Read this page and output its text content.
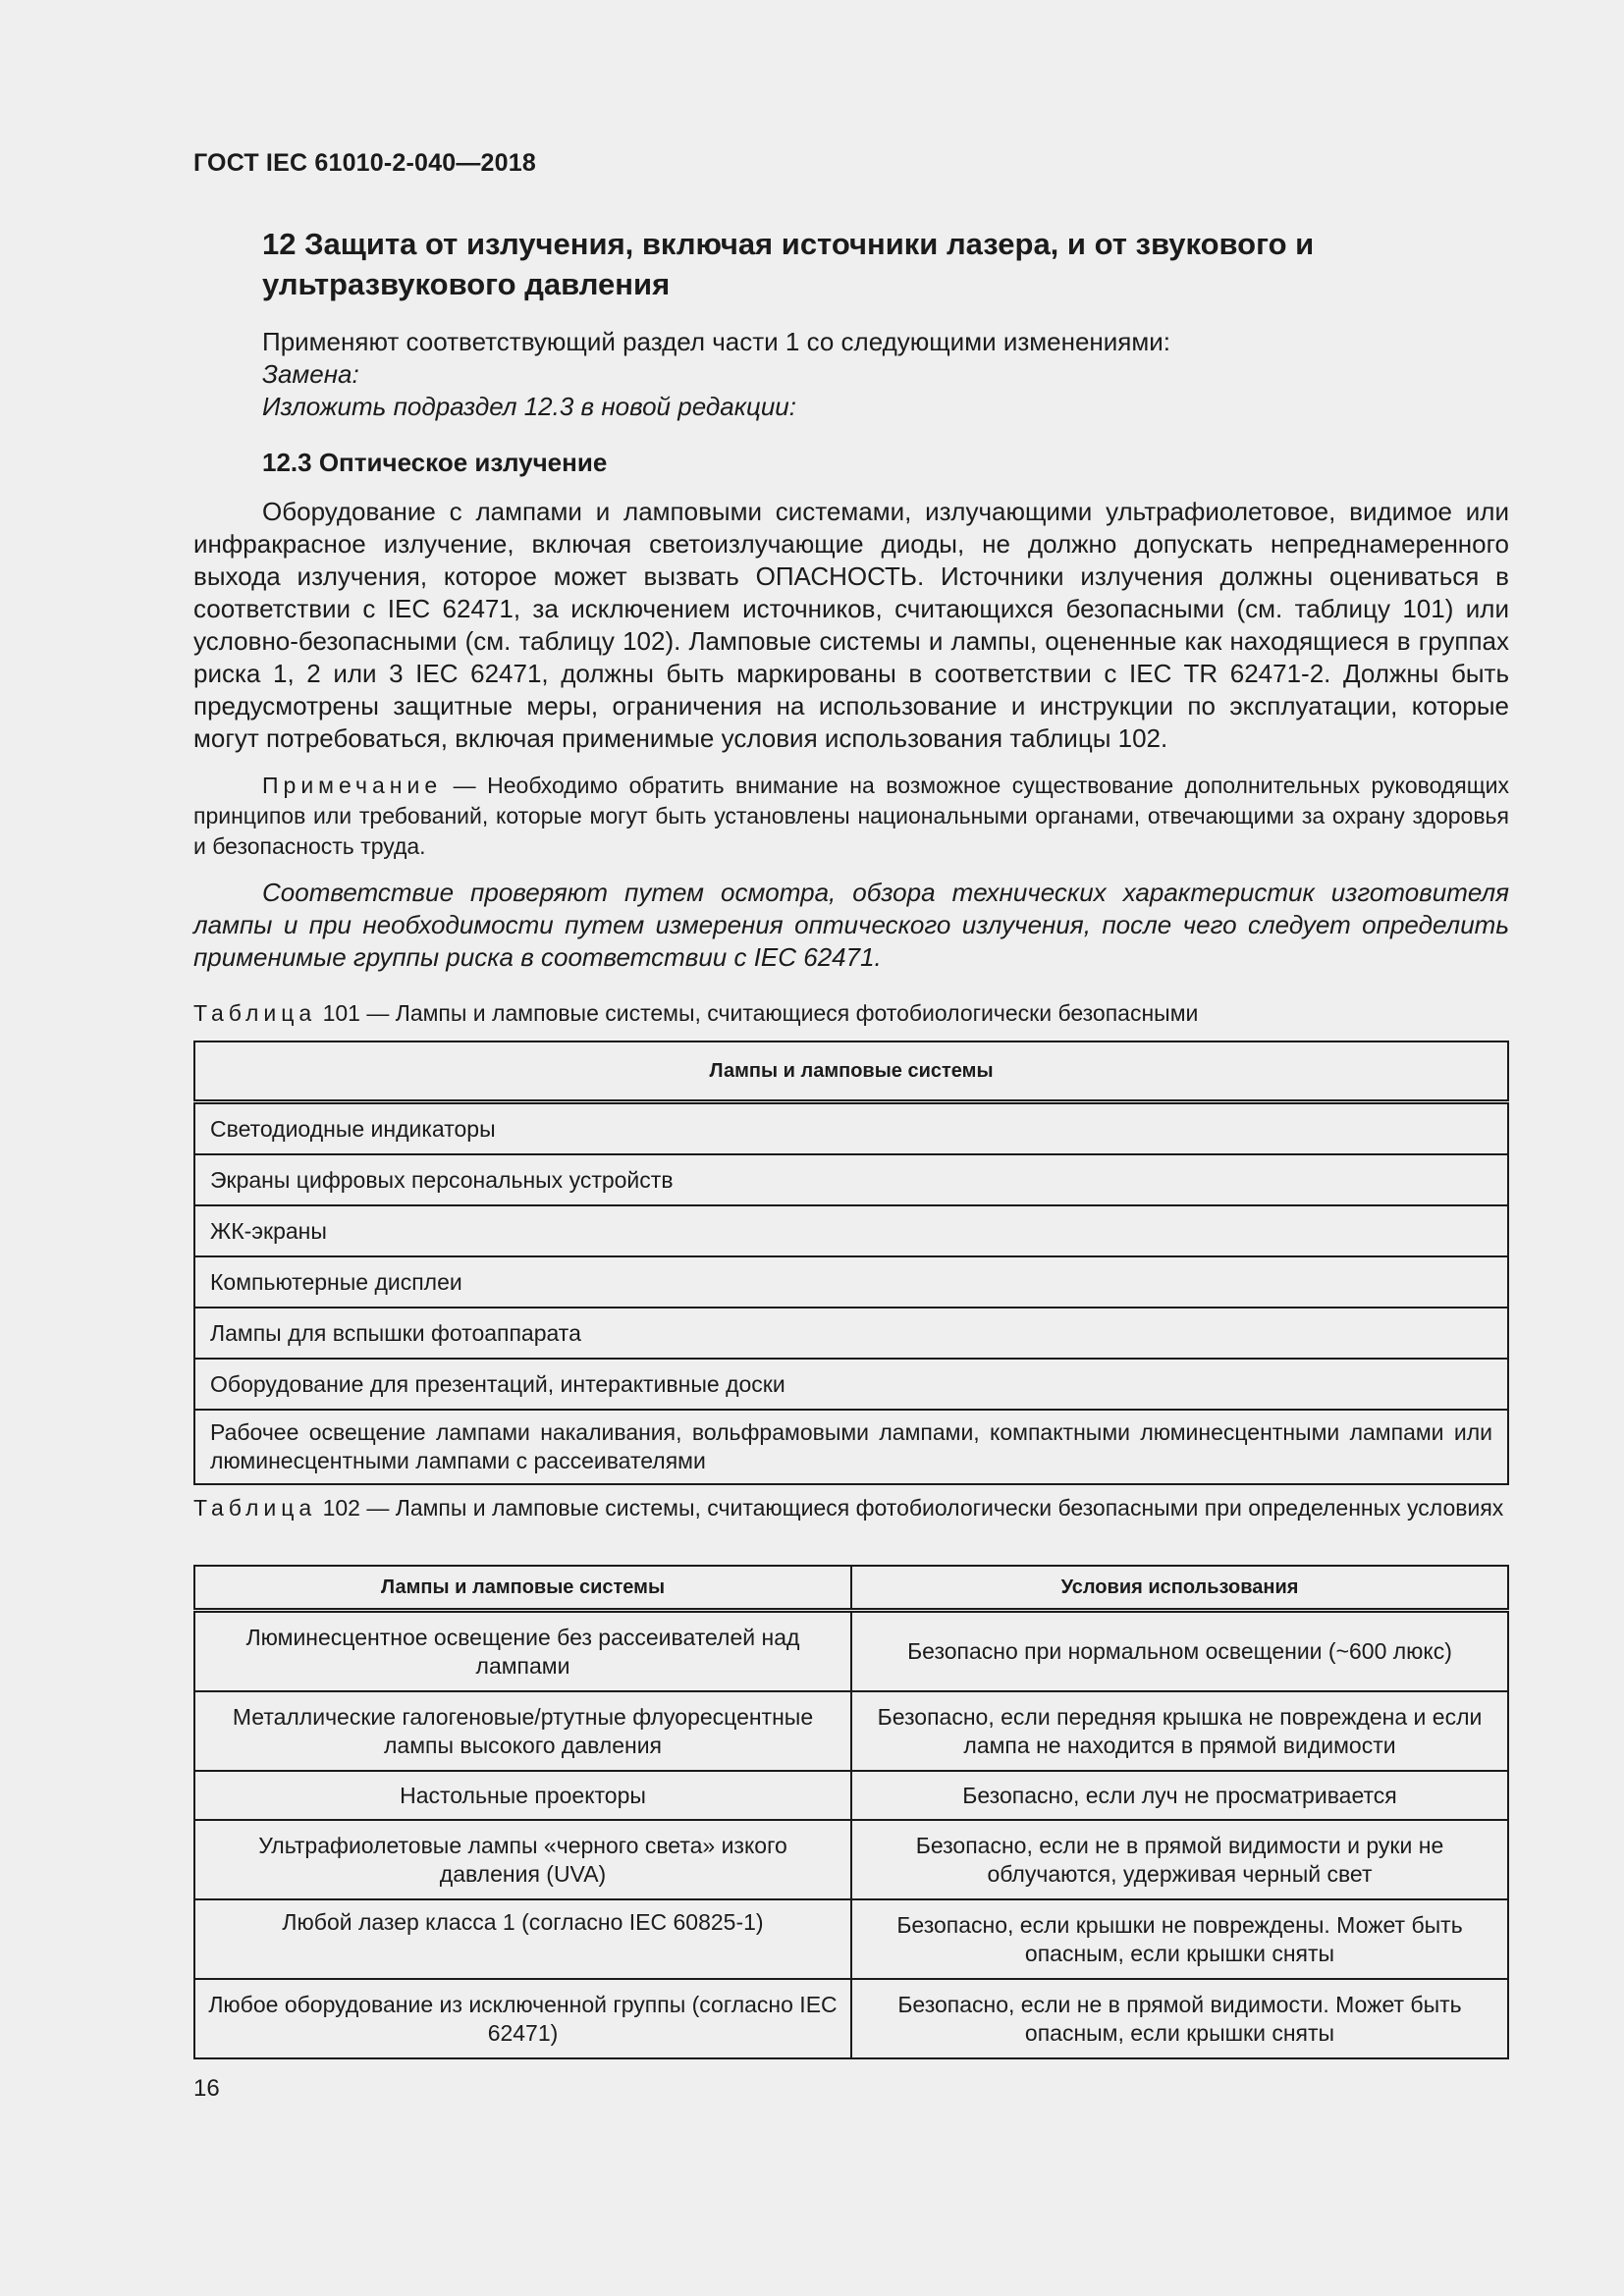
ГОСТ IEC 61010-2-040—2018
12 Защита от излучения, включая источники лазера, и от звукового и
ультразвукового давления
Применяют соответствующий раздел части 1 со следующими изменениями:
Замена:
Изложить подраздел 12.3 в новой редакции:
12.3 Оптическое излучение

Оборудование с лампами и ламповыми системами, излучающими ультрафиолетовое, видимое или инфракрасное излучение, включая светоизлучающие диоды, не должно допускать непреднамеренного выхода излучения, которое может вызвать ОПАСНОСТЬ. Источники излучения должны оцениваться в соответствии с IEC 62471, за исключением источников, считающихся безопасными (см. таблицу 101) или условно-безопасными (см. таблицу 102). Ламповые системы и лампы, оцененные как находящиеся в группах риска 1, 2 или 3 IEC 62471, должны быть маркированы в соответствии с IEC TR 62471-2. Должны быть предусмотрены защитные меры, ограничения на использование и инструкции по эксплуатации, которые могут потребоваться, включая применимые условия использования таблицы 102.

Примечание — Необходимо обратить внимание на возможное существование дополнительных руководящих принципов или требований, которые могут быть установлены национальными органами, отвечающими за охрану здоровья и безопасность труда.

Соответствие проверяют путем осмотра, обзора технических характеристик изготовителя лампы и при необходимости путем измерения оптического излучения, после чего следует определить применимые группы риска в соответствии с IEC 62471.

Таблица 101 — Лампы и ламповые системы, считающиеся фотобиологически безопасными

Лампы и ламповые системы
Светодиодные индикаторы
Экраны цифровых персональных устройств
ЖК-экраны
Компьютерные дисплеи
Лампы для вспышки фотоаппарата
Оборудование для презентаций, интерактивные доски
Рабочее освещение лампами накаливания, вольфрамовыми лампами, компактными люминесцентными лампами или люминесцентными лампами с рассеивателями

Таблица 102 — Лампы и ламповые системы, считающиеся фотобиологически безопасными при определенных условиях

Лампы и ламповые системы	Условия использования
Люминесцентное освещение без рассеивателей над лампами	Безопасно при нормальном освещении (~600 люкс)
Металлические галогеновые/ртутные флуоресцентные лампы высокого давления	Безопасно, если передняя крышка не повреждена и если лампа не находится в прямой видимости
Настольные проекторы	Безопасно, если луч не просматривается
Ультрафиолетовые лампы «черного света» изкого давления (UVA)	Безопасно, если не в прямой видимости и руки не облучаются, удерживая черный свет
Любой лазер класса 1 (согласно IEC 60825-1)	Безопасно, если крышки не повреждены. Может быть опасным, если крышки сняты
Любое оборудование из исключенной группы (согласно IEC 62471)	Безопасно, если не в прямой видимости. Может быть опасным, если крышки сняты
16
